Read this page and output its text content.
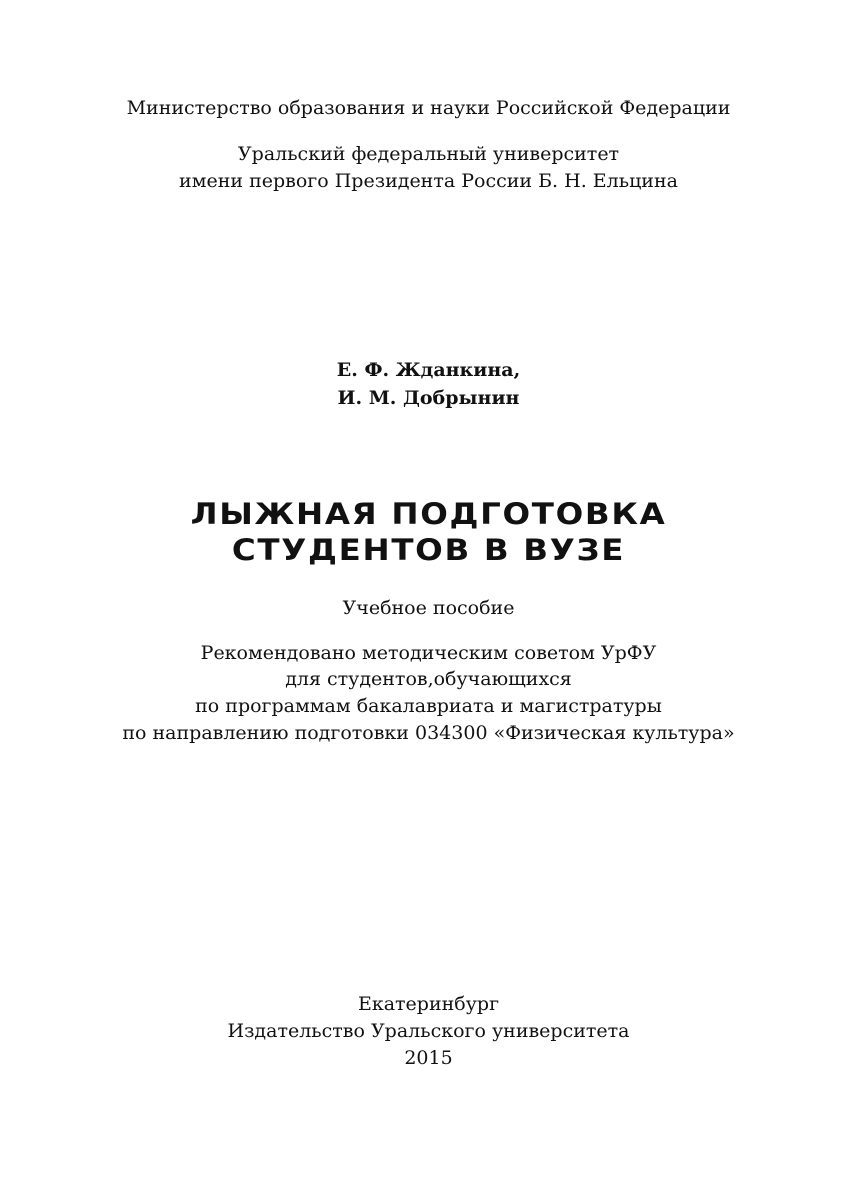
Министерство образования и науки Российской Федерации
Уральский федеральный университет
имени первого Президента России Б. Н. Ельцина
Е. Ф. Жданкина,
И. М. Добрынин
ЛЫЖНАЯ ПОДГОТОВКА
СТУДЕНТОВ В ВУЗЕ
Учебное пособие
Рекомендовано методическим советом УрФУ
для студентов,обучающихся
по программам бакалавриата и магистратуры
по направлению подготовки 034300 «Физическая культура»
Екатеринбург
Издательство Уральского университета
2015
